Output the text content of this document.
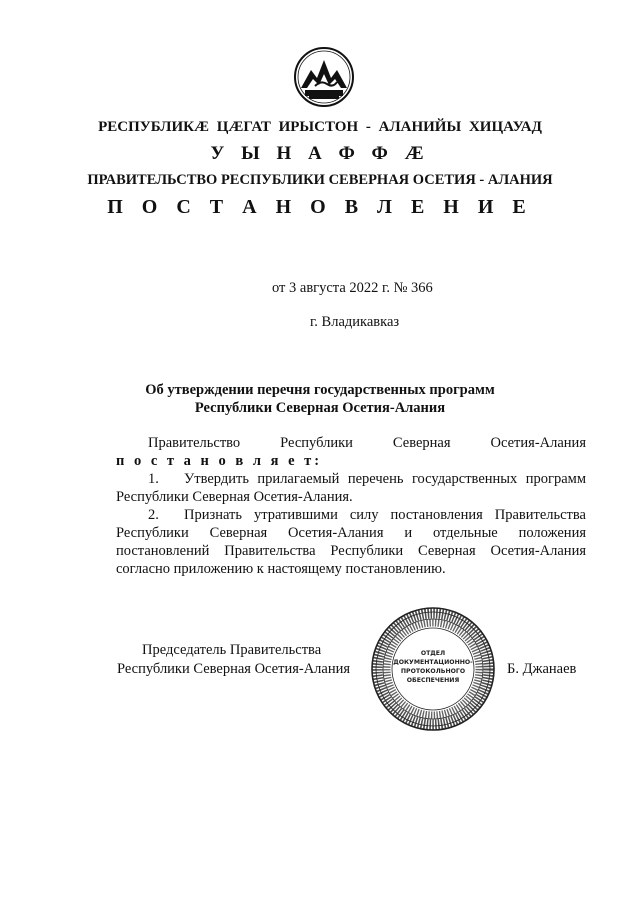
РЕСПУБЛИКÆ ЦÆГАТ ИРЫСТОН - АЛАНИЙЫ ХИЦАУАД
У Ы Н А Ф Ф Æ
ПРАВИТЕЛЬСТВО РЕСПУБЛИКИ СЕВЕРНАЯ ОСЕТИЯ - АЛАНИЯ
П О С Т А Н О В Л Е Н И Е
от 3 августа 2022 г. № 366
г. Владикавказ
Об утверждении перечня государственных программ
Республики Северная Осетия-Алания
Правительство Республики Северная Осетия-Алания
п о с т а н о в л я е т:
1. Утвердить прилагаемый перечень государственных программ
Республики Северная Осетия-Алания.
2. Признать утратившими силу постановления Правительства
Республики Северная Осетия-Алания и отдельные положения
постановлений Правительства Республики Северная Осетия-Алания
согласно приложению к настоящему постановлению.
Председатель Правительства
Республики Северная Осетия-Алания	Б. Джанаев
ОТДЕЛ
ДОКУМЕНТАЦИОННО-
ПРОТОКОЛЬНОГО
ОБЕСПЕЧЕНИЯ
